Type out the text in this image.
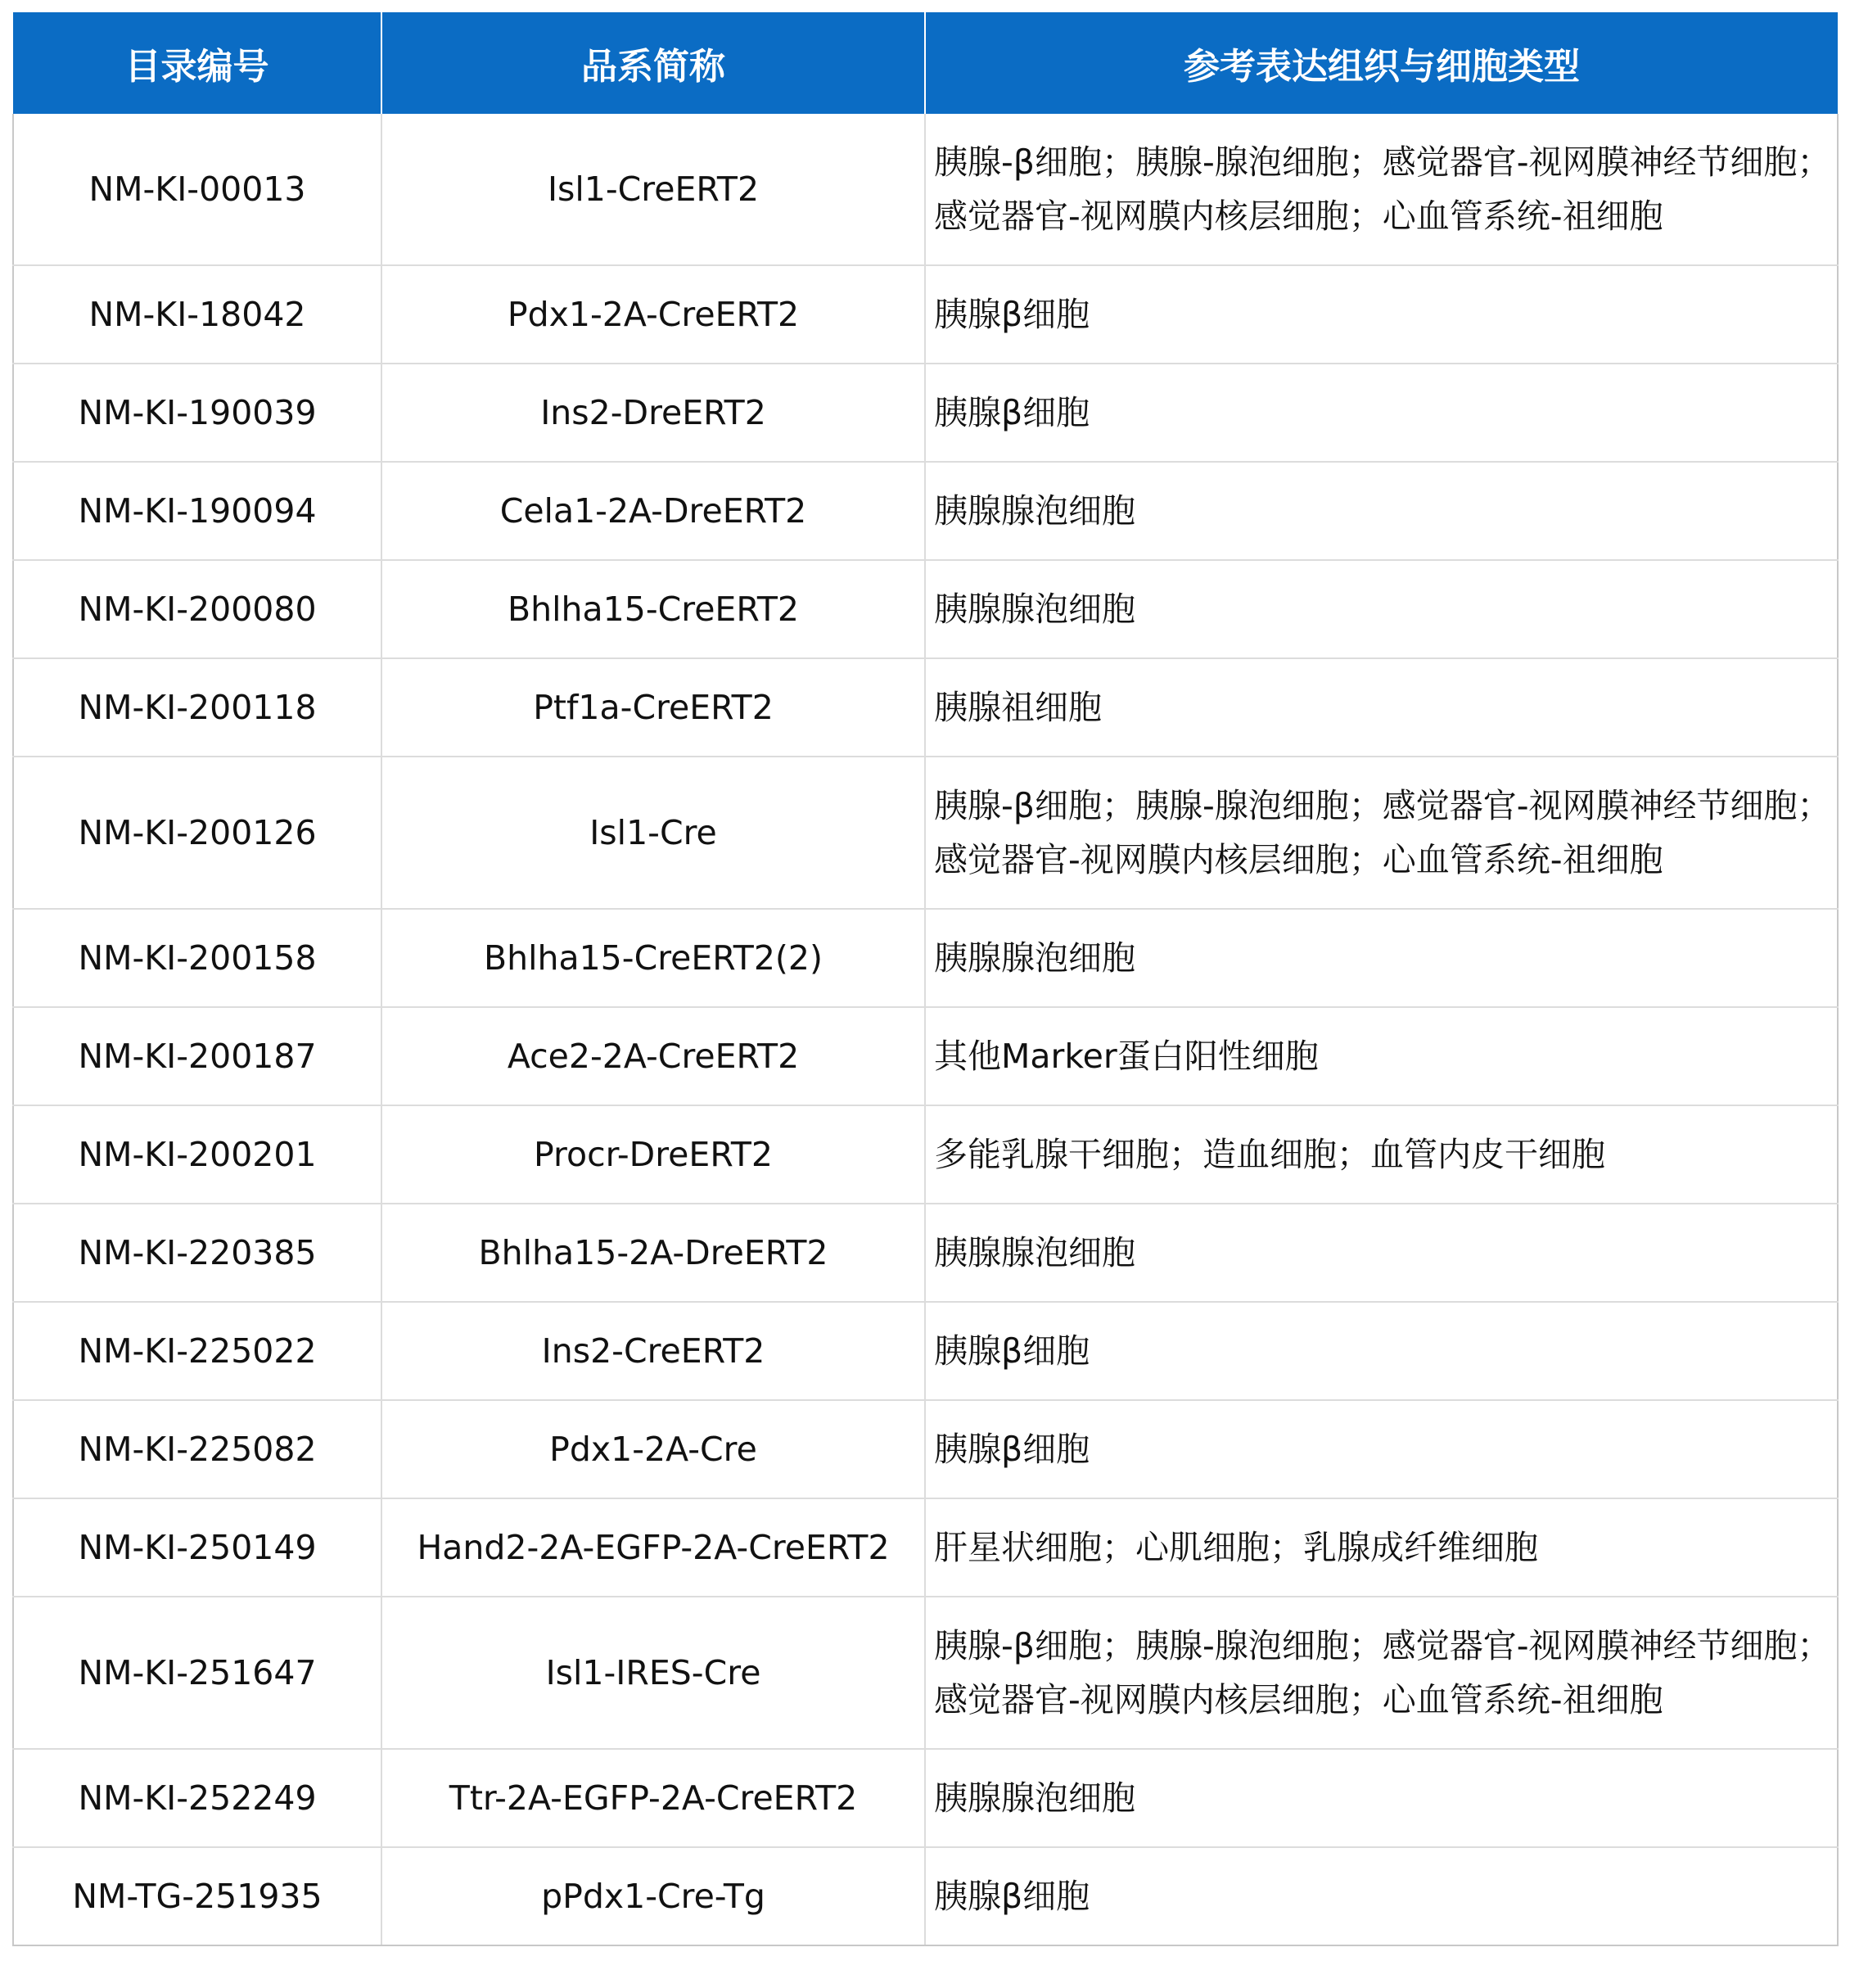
目录编号	品系简称	参考表达组织与细胞类型
NM-KI-00013	Isl1-CreERT2	胰腺-β细胞；胰腺-腺泡细胞；感觉器官-视网膜神经节细胞；感觉器官-视网膜内核层细胞；心血管系统-祖细胞
NM-KI-18042	Pdx1-2A-CreERT2	胰腺β细胞
NM-KI-190039	Ins2-DreERT2	胰腺β细胞
NM-KI-190094	Cela1-2A-DreERT2	胰腺腺泡细胞
NM-KI-200080	Bhlha15-CreERT2	胰腺腺泡细胞
NM-KI-200118	Ptf1a-CreERT2	胰腺祖细胞
NM-KI-200126	Isl1-Cre	胰腺-β细胞；胰腺-腺泡细胞；感觉器官-视网膜神经节细胞；感觉器官-视网膜内核层细胞；心血管系统-祖细胞
NM-KI-200158	Bhlha15-CreERT2(2)	胰腺腺泡细胞
NM-KI-200187	Ace2-2A-CreERT2	其他Marker蛋白阳性细胞
NM-KI-200201	Procr-DreERT2	多能乳腺干细胞；造血细胞；血管内皮干细胞
NM-KI-220385	Bhlha15-2A-DreERT2	胰腺腺泡细胞
NM-KI-225022	Ins2-CreERT2	胰腺β细胞
NM-KI-225082	Pdx1-2A-Cre	胰腺β细胞
NM-KI-250149	Hand2-2A-EGFP-2A-CreERT2	肝星状细胞；心肌细胞；乳腺成纤维细胞
NM-KI-251647	Isl1-IRES-Cre	胰腺-β细胞；胰腺-腺泡细胞；感觉器官-视网膜神经节细胞；感觉器官-视网膜内核层细胞；心血管系统-祖细胞
NM-KI-252249	Ttr-2A-EGFP-2A-CreERT2	胰腺腺泡细胞
NM-TG-251935	pPdx1-Cre-Tg	胰腺β细胞
